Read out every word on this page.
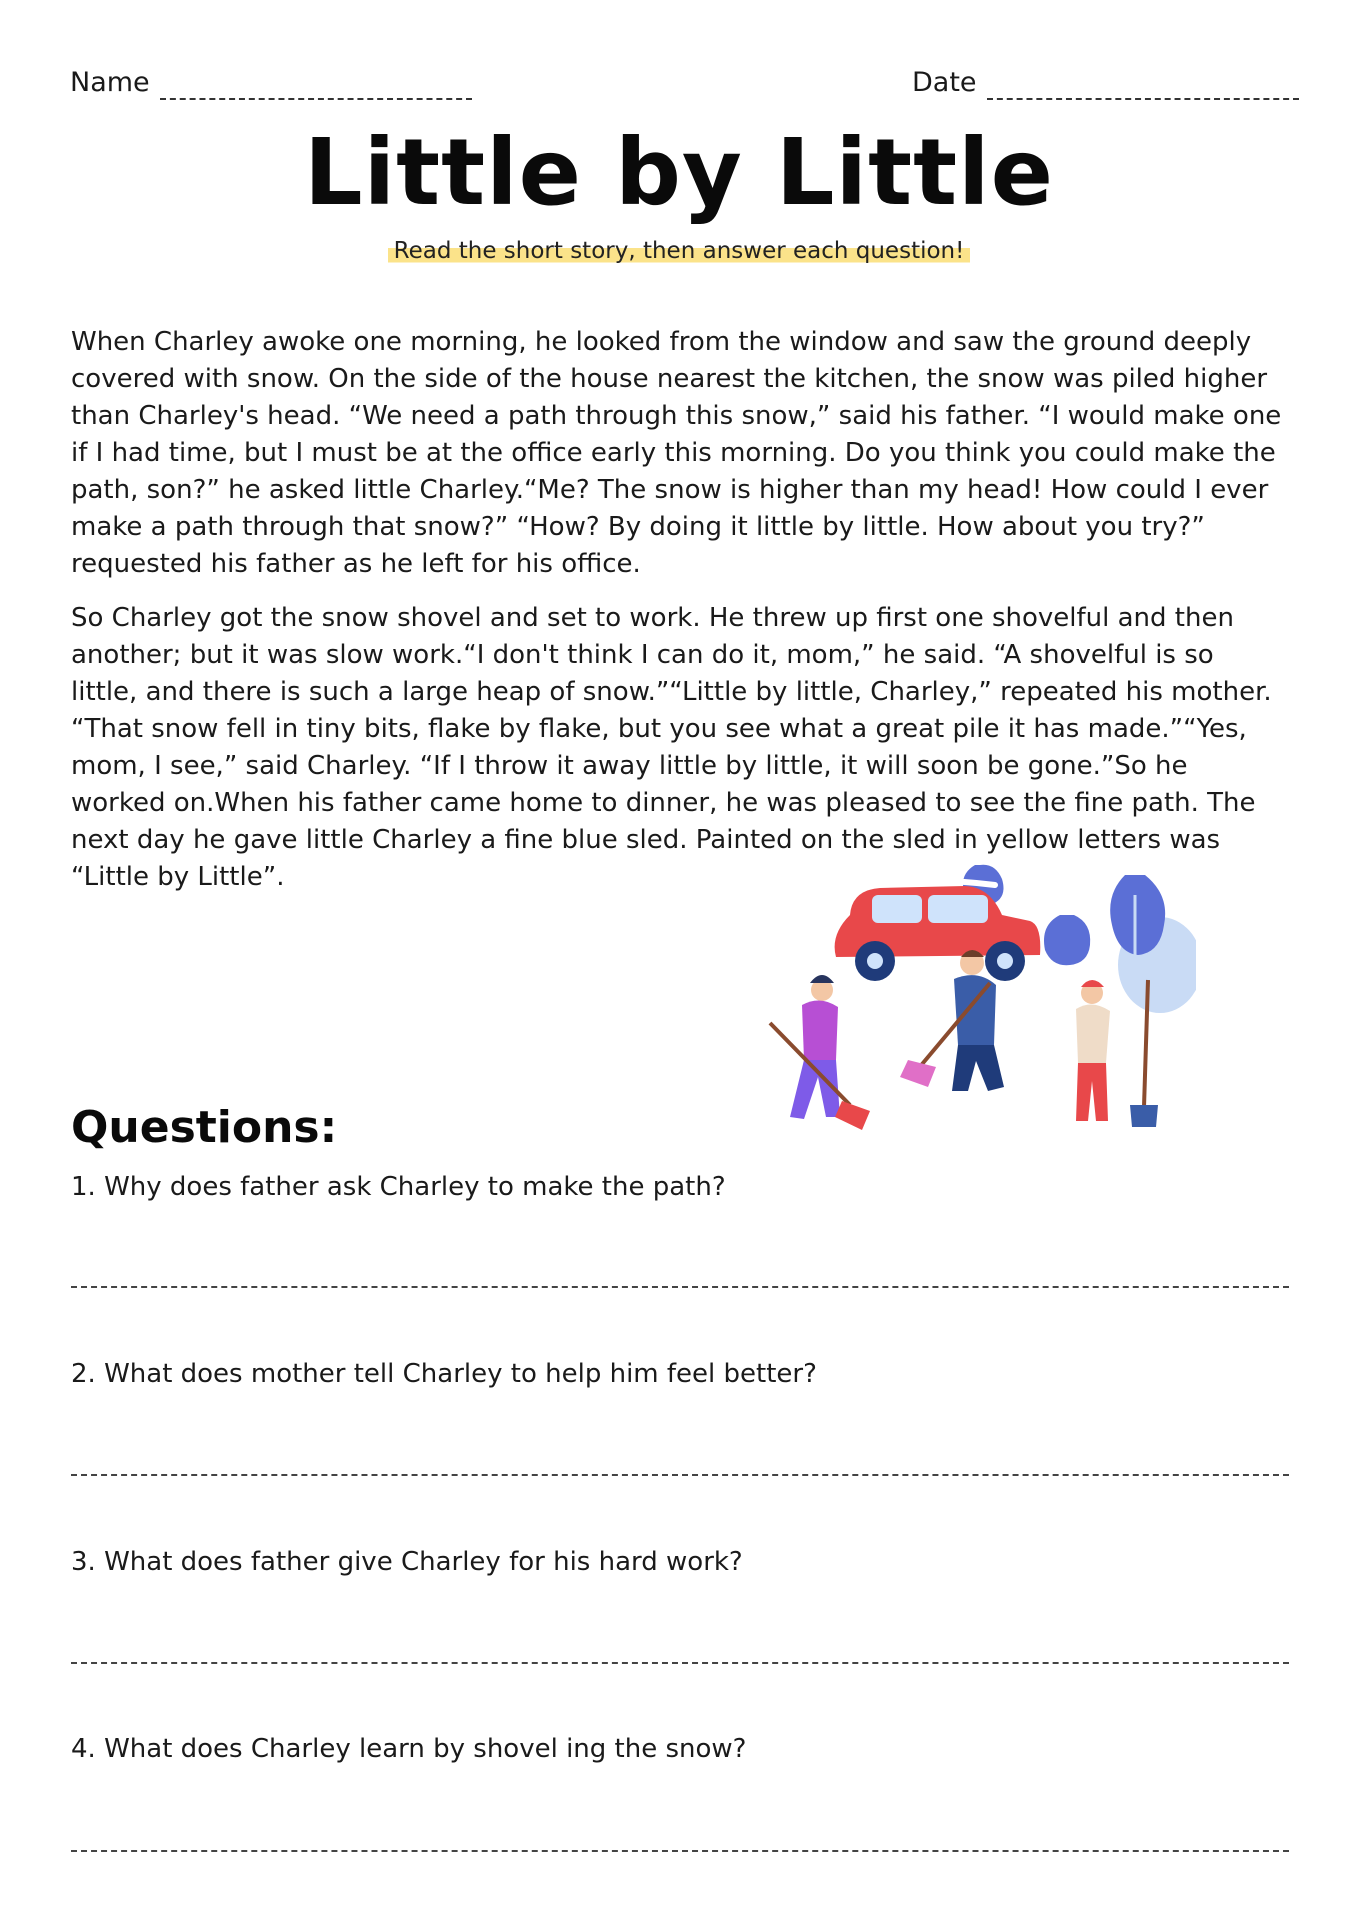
Name	Date
Little by Little
Read the short story, then answer each question!

When Charley awoke one morning, he looked from the window and saw the ground deeply covered with snow. On the side of the house nearest the kitchen, the snow was piled higher than Charley's head. “We need a path through this snow,” said his father. “I would make one if I had time, but I must be at the office early this morning. Do you think you could make the path, son?” he asked little Charley.“Me? The snow is higher than my head! How could I ever make a path through that snow?” “How? By doing it little by little. How about you try?” requested his father as he left for his office.

So Charley got the snow shovel and set to work. He threw up first one shovelful and then another; but it was slow work.“I don't think I can do it, mom,” he said. “A shovelful is so little, and there is such a large heap of snow.”“Little by little, Charley,” repeated his mother. “That snow fell in tiny bits, flake by flake, but you see what a great pile it has made.”“Yes, mom, I see,” said Charley. “If I throw it away little by little, it will soon be gone.”So he worked on.When his father came home to dinner, he was pleased to see the fine path. The next day he gave little Charley a fine blue sled. Painted on the sled in yellow letters was “Little by Little”.

Questions:
1. Why does father ask Charley to make the path?
2. What does mother tell Charley to help him feel better?
3. What does father give Charley for his hard work?
4. What does Charley learn by shovel ing the snow?
